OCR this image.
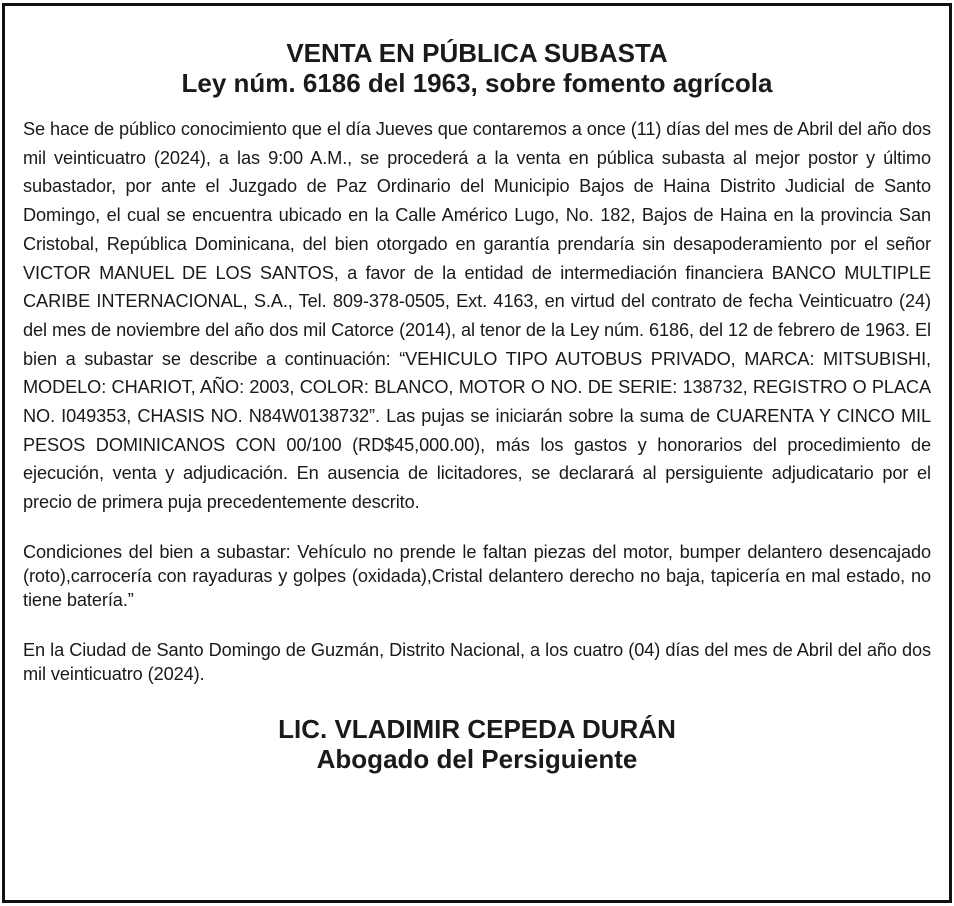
VENTA EN PÚBLICA SUBASTA

Ley núm. 6186 del 1963, sobre fomento agrícola

Se hace de público conocimiento que el día Jueves que contaremos a once (11) días del mes de Abril del año dos mil veinticuatro (2024), a las 9:00 A.M., se procederá a la venta en pública subasta al mejor postor y último subastador, por ante el Juzgado de Paz Ordinario del Municipio Bajos de Haina Distrito Judicial de Santo Domingo, el cual se encuentra ubicado en la Calle Américo Lugo, No. 182, Bajos de Haina en la provincia San Cristobal, República Dominicana, del bien otorgado en garantía prendaría sin desapoderamiento por el señor VICTOR MANUEL DE LOS SANTOS, a favor de la entidad de intermediación financiera BANCO MULTIPLE CARIBE INTERNACIONAL, S.A., Tel. 809-378-0505, Ext. 4163, en virtud del contrato de fecha Veinticuatro (24) del mes de noviembre del año dos mil Catorce (2014), al tenor de la Ley núm. 6186, del 12 de febrero de 1963. El bien a subastar se describe a continuación: “VEHICULO TIPO AUTOBUS PRIVADO, MARCA: MITSUBISHI, MODELO: CHARIOT, AÑO: 2003, COLOR: BLANCO, MOTOR O NO. DE SERIE: 138732, REGISTRO O PLACA NO. I049353, CHASIS NO. N84W0138732”. Las pujas se iniciarán sobre la suma de CUARENTA Y CINCO MIL PESOS DOMINICANOS CON 00/100 (RD$45,000.00), más los gastos y honorarios del procedimiento de ejecución, venta y adjudicación. En ausencia de licitadores, se declarará al persiguiente adjudicatario por el precio de primera puja precedentemente descrito.

Condiciones del bien a subastar: Vehículo no prende le faltan piezas del motor, bumper delantero desencajado (roto),carrocería con rayaduras y golpes (oxidada),Cristal delantero derecho no baja, tapicería en mal estado, no tiene batería.”

En la Ciudad de Santo Domingo de Guzmán, Distrito Nacional, a los cuatro (04) días del mes de Abril del año dos mil veinticuatro (2024).

LIC. VLADIMIR CEPEDA DURÁN

Abogado del Persiguiente
